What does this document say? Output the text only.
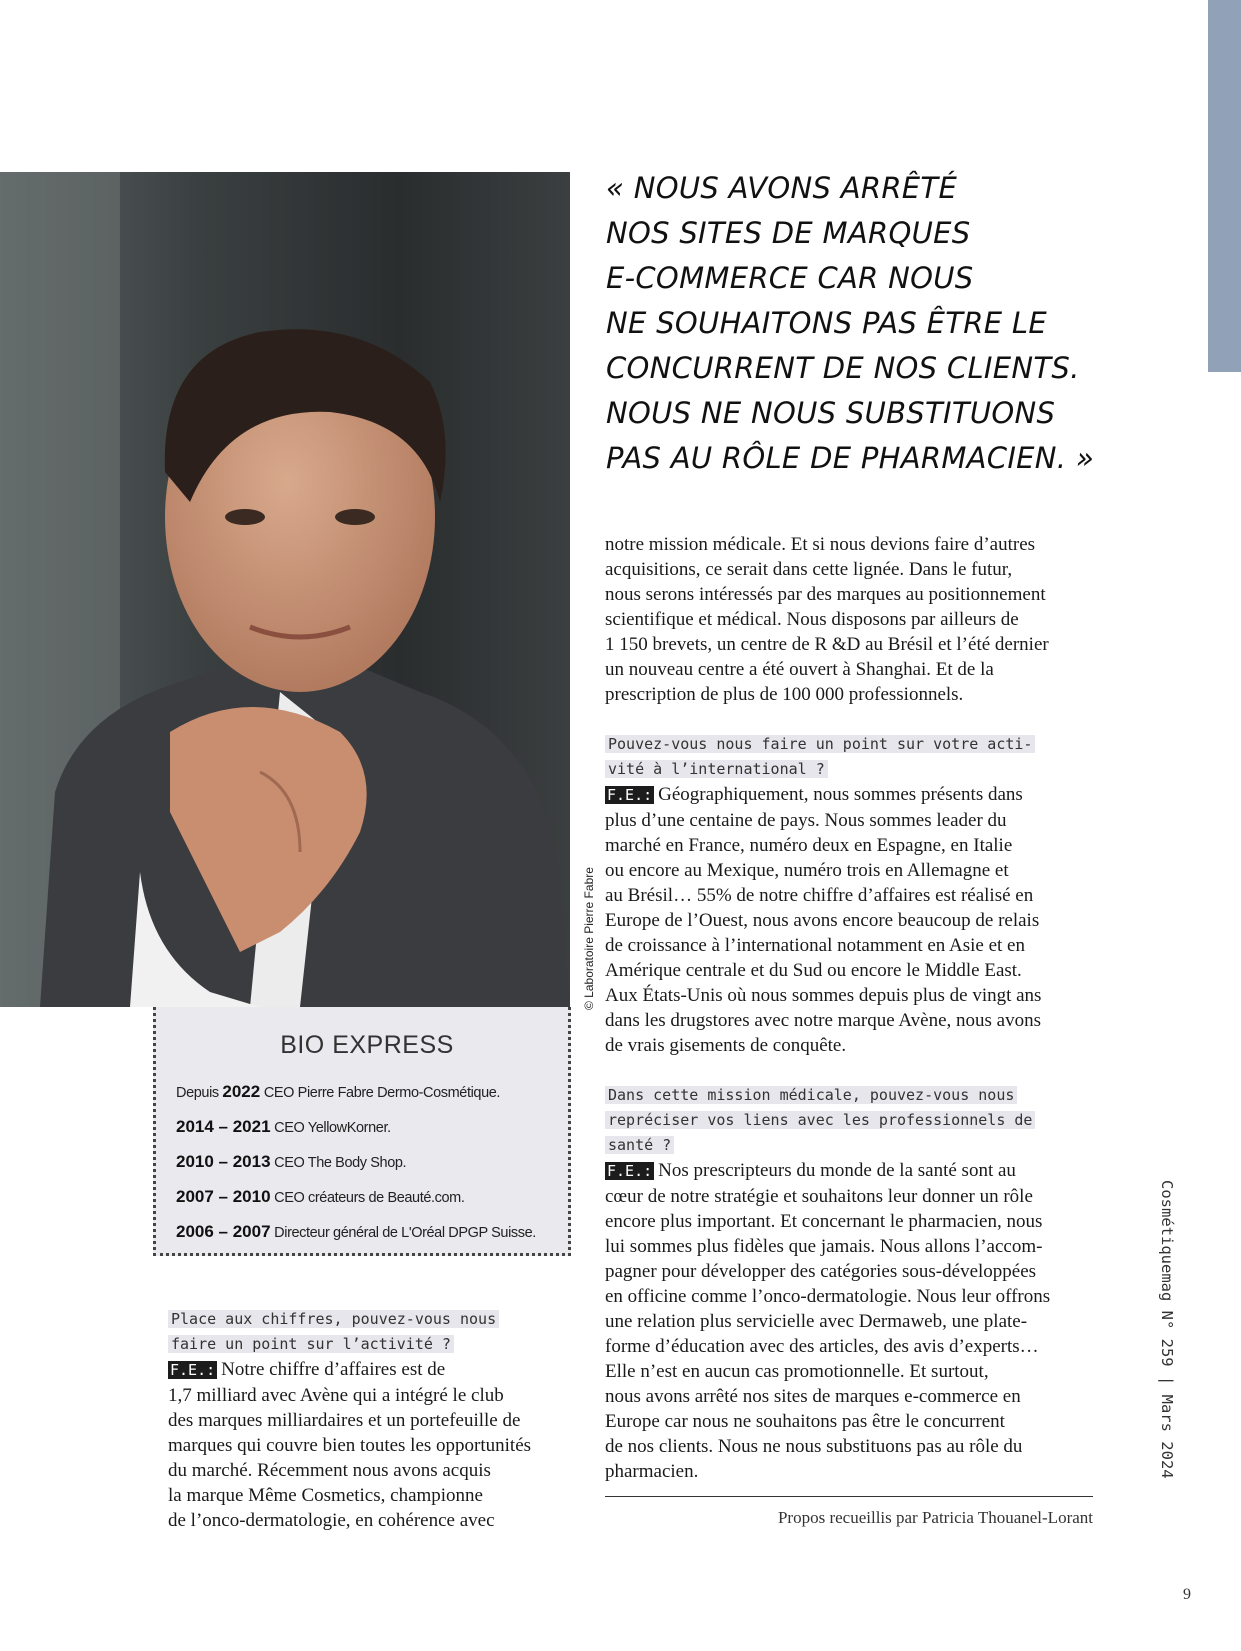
© Laboratoire Pierre Fabre
« NOUS AVONS ARRÊTÉ
NOS SITES DE MARQUES
E-COMMERCE CAR NOUS
NE SOUHAITONS PAS ÊTRE LE
CONCURRENT DE NOS CLIENTS.
NOUS NE NOUS SUBSTITUONS
PAS AU RÔLE DE PHARMACIEN. »
BIO EXPRESS
Depuis 2022 CEO Pierre Fabre Dermo-Cosmétique.
2014 – 2021 CEO YellowKorner.
2010 – 2013 CEO The Body Shop.
2007 – 2010 CEO créateurs de Beauté.com.
2006 – 2007 Directeur général de L'Oréal DPGP Suisse.

Place aux chiffres, pouvez-vous nous

faire un point sur l’activité ?

F.E.: Notre chiffre d’affaires est de

1,7 milliard avec Avène qui a intégré le club

des marques milliardaires et un portefeuille de

marques qui couvre bien toutes les opportunités

du marché. Récemment nous avons acquis

la marque Même Cosmetics, championne

de l’onco-dermatologie, en cohérence avec

notre mission médicale. Et si nous devions faire d’autres

acquisitions, ce serait dans cette lignée. Dans le futur,

nous serons intéressés par des marques au positionnement

scientifique et médical. Nous disposons par ailleurs de

1 150 brevets, un centre de R &D au Brésil et l’été dernier

un nouveau centre a été ouvert à Shanghai. Et de la

prescription de plus de 100 000 professionnels.

Pouvez-vous nous faire un point sur votre acti-

vité à l’international ?

F.E.: Géographiquement, nous sommes présents dans

plus d’une centaine de pays. Nous sommes leader du

marché en France, numéro deux en Espagne, en Italie

ou encore au Mexique, numéro trois en Allemagne et

au Brésil… 55% de notre chiffre d’affaires est réalisé en

Europe de l’Ouest, nous avons encore beaucoup de relais

de croissance à l’international notamment en Asie et en

Amérique centrale et du Sud ou encore le Middle East.

Aux États-Unis où nous sommes depuis plus de vingt ans

dans les drugstores avec notre marque Avène, nous avons

de vrais gisements de conquête.

Dans cette mission médicale, pouvez-vous nous

repréciser vos liens avec les professionnels de

santé ?

F.E.: Nos prescripteurs du monde de la santé sont au

cœur de notre stratégie et souhaitons leur donner un rôle

encore plus important. Et concernant le pharmacien, nous

lui sommes plus fidèles que jamais. Nous allons l’accom-

pagner pour développer des catégories sous-développées

en officine comme l’onco-dermatologie. Nous leur offrons

une relation plus servicielle avec Dermaweb, une plate-

forme d’éducation avec des articles, des avis d’experts…

Elle n’est en aucun cas promotionnelle. Et surtout,

nous avons arrêté nos sites de marques e-commerce en

Europe car nous ne souhaitons pas être le concurrent

de nos clients. Nous ne nous substituons pas au rôle du

pharmacien.

Propos recueillis par Patricia Thouanel-Lorant
Cosmétiquemag N° 259 | Mars 2024
9
